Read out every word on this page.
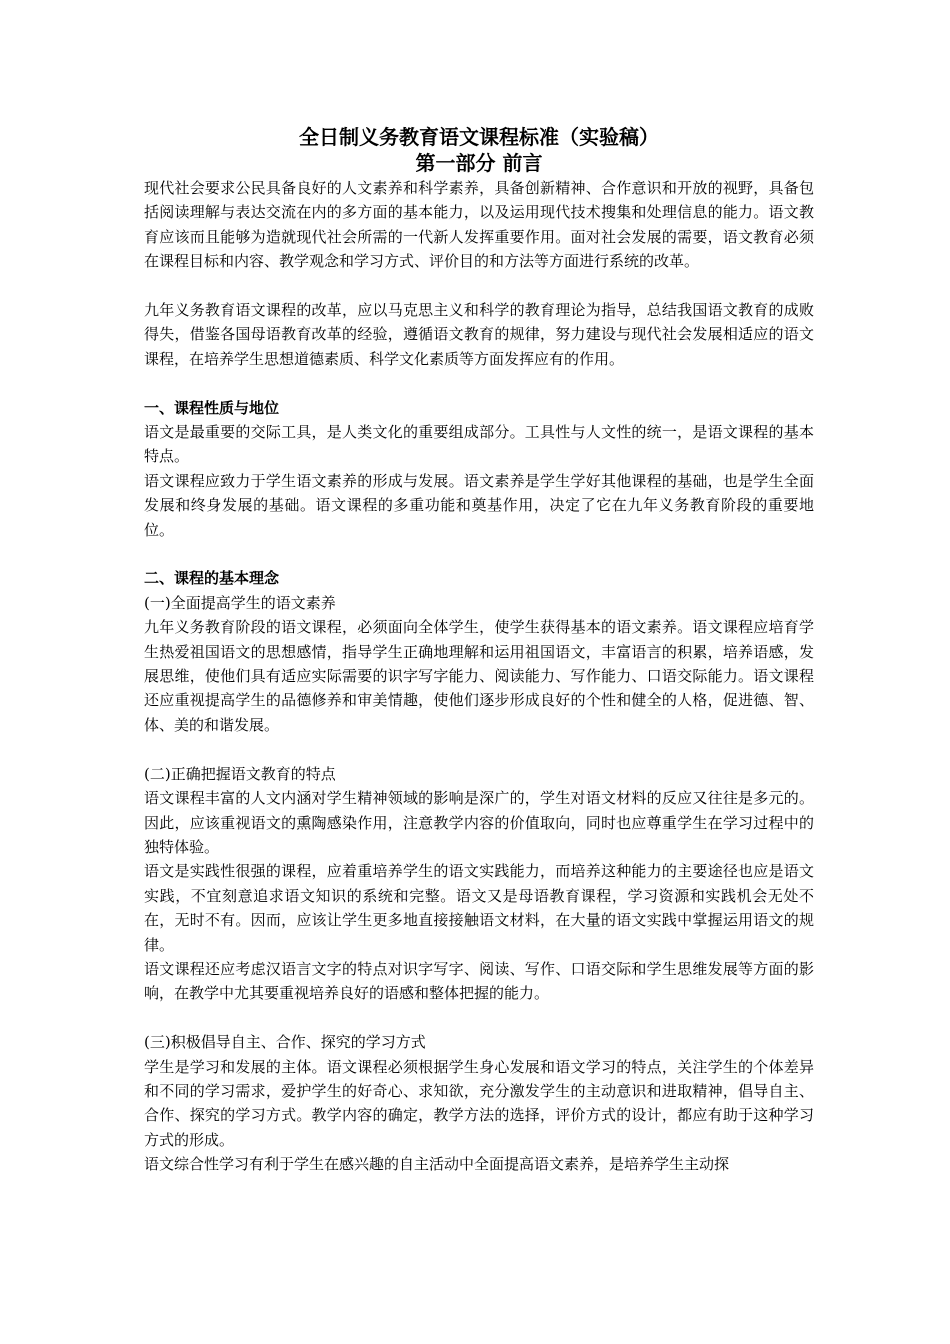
全日制义务教育语文课程标准（实验稿）
第一部分 前言

现代社会要求公民具备良好的人文素养和科学素养，具备创新精神、合作意识和开放的视野，具备包括阅读理解与表达交流在内的多方面的基本能力，以及运用现代技术搜集和处理信息的能力。语文教育应该而且能够为造就现代社会所需的一代新人发挥重要作用。面对社会发展的需要，语文教育必须在课程目标和内容、教学观念和学习方式、评价目的和方法等方面进行系统的改革。

九年义务教育语文课程的改革，应以马克思主义和科学的教育理论为指导，总结我国语文教育的成败得失，借鉴各国母语教育改革的经验，遵循语文教育的规律，努力建设与现代社会发展相适应的语文课程，在培养学生思想道德素质、科学文化素质等方面发挥应有的作用。

一、课程性质与地位

语文是最重要的交际工具，是人类文化的重要组成部分。工具性与人文性的统一，是语文课程的基本特点。

语文课程应致力于学生语文素养的形成与发展。语文素养是学生学好其他课程的基础，也是学生全面发展和终身发展的基础。语文课程的多重功能和奠基作用，决定了它在九年义务教育阶段的重要地位。

二、课程的基本理念

(一)全面提高学生的语文素养

九年义务教育阶段的语文课程，必须面向全体学生，使学生获得基本的语文素养。语文课程应培育学生热爱祖国语文的思想感情，指导学生正确地理解和运用祖国语文，丰富语言的积累，培养语感，发展思维，使他们具有适应实际需要的识字写字能力、阅读能力、写作能力、口语交际能力。语文课程还应重视提高学生的品德修养和审美情趣，使他们逐步形成良好的个性和健全的人格，促进德、智、体、美的和谐发展。

(二)正确把握语文教育的特点

语文课程丰富的人文内涵对学生精神领域的影响是深广的，学生对语文材料的反应又往往是多元的。因此，应该重视语文的熏陶感染作用，注意教学内容的价值取向，同时也应尊重学生在学习过程中的独特体验。

语文是实践性很强的课程，应着重培养学生的语文实践能力，而培养这种能力的主要途径也应是语文实践，不宜刻意追求语文知识的系统和完整。语文又是母语教育课程，学习资源和实践机会无处不在，无时不有。因而，应该让学生更多地直接接触语文材料，在大量的语文实践中掌握运用语文的规律。

语文课程还应考虑汉语言文字的特点对识字写字、阅读、写作、口语交际和学生思维发展等方面的影响，在教学中尤其要重视培养良好的语感和整体把握的能力。

(三)积极倡导自主、合作、探究的学习方式

学生是学习和发展的主体。语文课程必须根据学生身心发展和语文学习的特点，关注学生的个体差异和不同的学习需求，爱护学生的好奇心、求知欲，充分激发学生的主动意识和进取精神，倡导自主、合作、探究的学习方式。教学内容的确定，教学方法的选择，评价方式的设计，都应有助于这种学习方式的形成。

语文综合性学习有利于学生在感兴趣的自主活动中全面提高语文素养，是培养学生主动探
